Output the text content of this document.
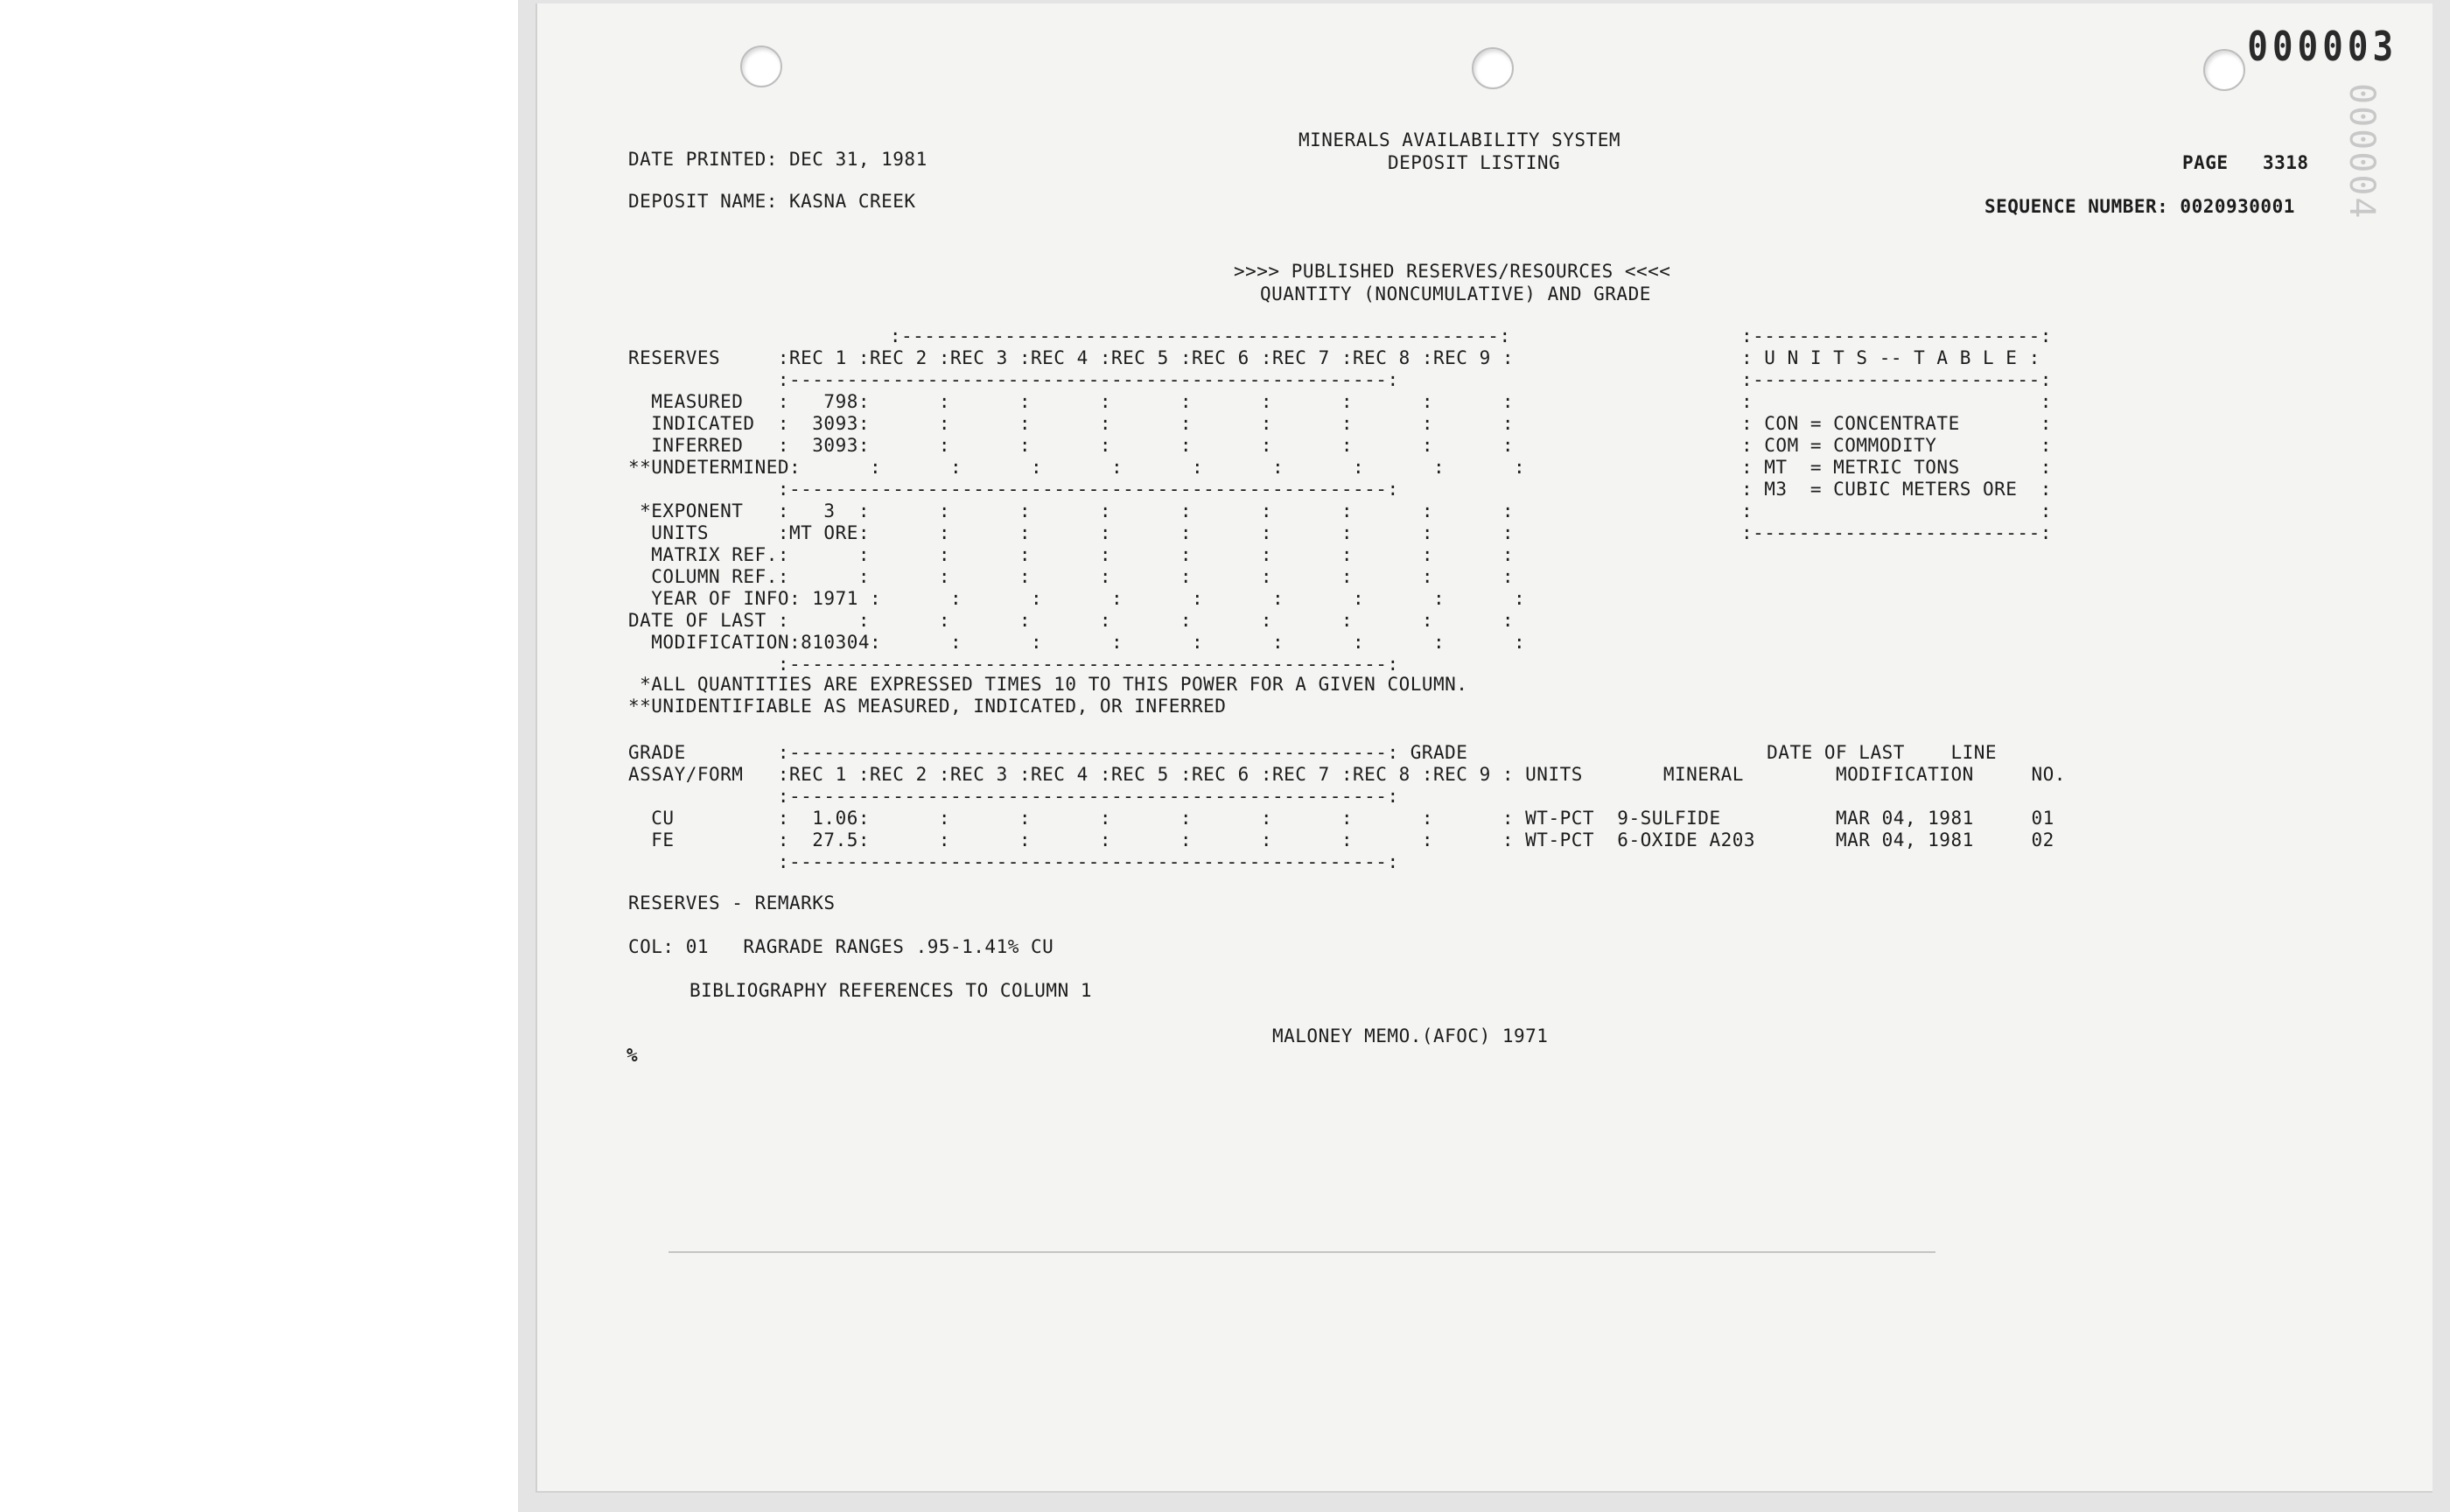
000003
000004
MINERALS AVAILABILITY SYSTEM
DEPOSIT LISTING
DATE PRINTED: DEC 31, 1981	PAGE   3318
DEPOSIT NAME: KASNA CREEK	SEQUENCE NUMBER: 0020930001
>>>> PUBLISHED RESERVES/RESOURCES <<<<
QUANTITY (NONCUMULATIVE) AND GRADE
:----------------------------------------------------:
RESERVES     :REC 1 :REC 2 :REC 3 :REC 4 :REC 5 :REC 6 :REC 7 :REC 8 :REC 9 :
:----------------------------------------------------:
MEASURED   :   798:      :      :      :      :      :      :      :      :
INDICATED  :  3093:      :      :      :      :      :      :      :      :
INFERRED   :  3093:      :      :      :      :      :      :      :      :
**UNDETERMINED:      :      :      :      :      :      :      :      :      :
:----------------------------------------------------:
*EXPONENT   :   3  :      :      :      :      :      :      :      :      :
UNITS      :MT ORE:      :      :      :      :      :      :      :      :
MATRIX REF.:      :      :      :      :      :      :      :      :      :
COLUMN REF.:      :      :      :      :      :      :      :      :      :
YEAR OF INFO: 1971 :      :      :      :      :      :      :      :      :
DATE OF LAST :      :      :      :      :      :      :      :      :      :
MODIFICATION:810304:      :      :      :      :      :      :      :      :
:----------------------------------------------------:
:-------------------------:
: U N I T S -- T A B L E :
:-------------------------:
:                         :
: CON = CONCENTRATE       :
: COM = COMMODITY         :
: MT  = METRIC TONS       :
: M3  = CUBIC METERS ORE  :
:                         :
:-------------------------:
*ALL QUANTITIES ARE EXPRESSED TIMES 10 TO THIS POWER FOR A GIVEN COLUMN.
**UNIDENTIFIABLE AS MEASURED, INDICATED, OR INFERRED
GRADE        :----------------------------------------------------: GRADE                          DATE OF LAST    LINE
ASSAY/FORM   :REC 1 :REC 2 :REC 3 :REC 4 :REC 5 :REC 6 :REC 7 :REC 8 :REC 9 : UNITS       MINERAL        MODIFICATION     NO.
:----------------------------------------------------:
CU         :  1.06:      :      :      :      :      :      :      :      : WT-PCT  9-SULFIDE          MAR 04, 1981     01
FE         :  27.5:      :      :      :      :      :      :      :      : WT-PCT  6-OXIDE A203       MAR 04, 1981     02
:----------------------------------------------------:
RESERVES - REMARKS
COL: 01   RAGRADE RANGES .95-1.41% CU
BIBLIOGRAPHY REFERENCES TO COLUMN 1
MALONEY MEMO.(AFOC) 1971
%
